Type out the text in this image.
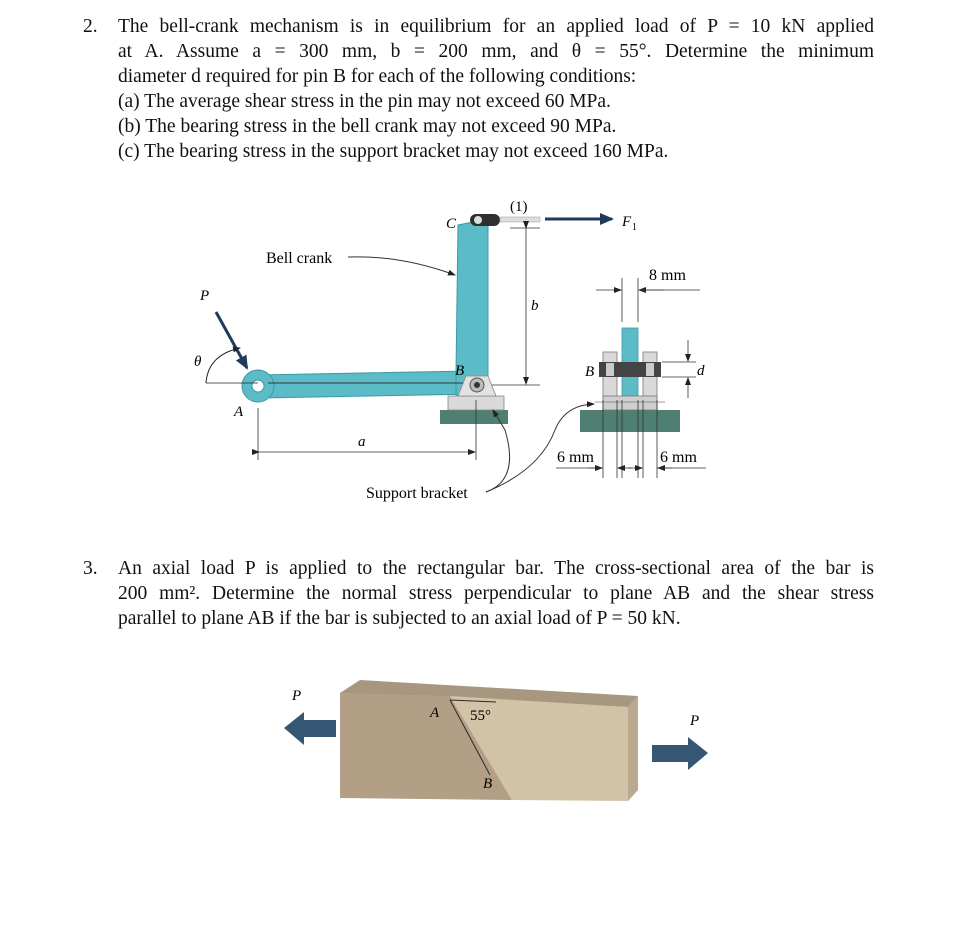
2. The bell-crank mechanism is in equilibrium for an applied load of P = 10 kN applied
at A. Assume a = 300 mm, b = 200 mm, and θ = 55°. Determine the minimum
diameter d required for pin B for each of the following conditions:
(a) The average shear stress in the pin may not exceed 60 MPa.
(b) The bearing stress in the bell crank may not exceed 90 MPa.
(c) The bearing stress in the support bracket may not exceed 160 MPa.
Bell crank
Support bracket
P
θ
A
B
C
(1)
F 1
a
b
B	d
8 mm
6 mm	6 mm
3. An axial load P is applied to the rectangular bar. The cross-sectional area of the bar is
200 mm². Determine the normal stress perpendicular to plane AB and the shear stress
parallel to plane AB if the bar is subjected to an axial load of P = 50 kN.
P
P
A
B
55°
